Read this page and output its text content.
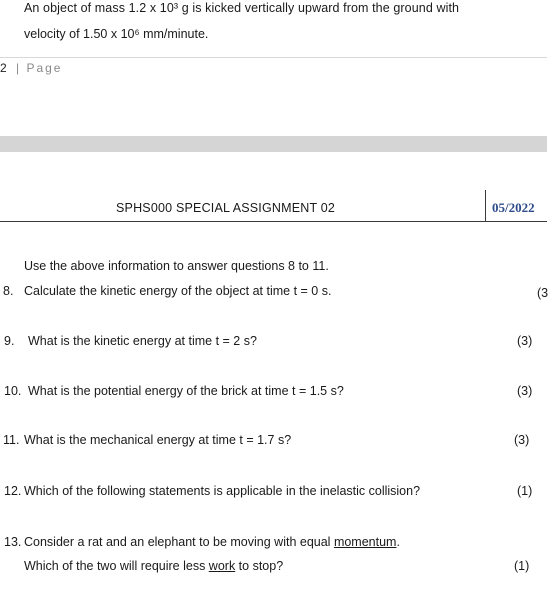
An object of mass 1.2 x 10³ g is kicked vertically upward from the ground with
velocity of 1.50 x 10⁶ mm/minute.
2 | Page
SPHS000 SPECIAL ASSIGNMENT 02	05/2022
Use the above information to answer questions 8 to 11.
8. Calculate the kinetic energy of the object at time t = 0 s.	(3
9. What is the kinetic energy at time t = 2 s?	(3)
10. What is the potential energy of the brick at time t = 1.5 s?	(3)
11. What is the mechanical energy at time t = 1.7 s?	(3)
12. Which of the following statements is applicable in the inelastic collision?	(1)
13. Consider a rat and an elephant to be moving with equal momentum.
Which of the two will require less work to stop?	(1)
